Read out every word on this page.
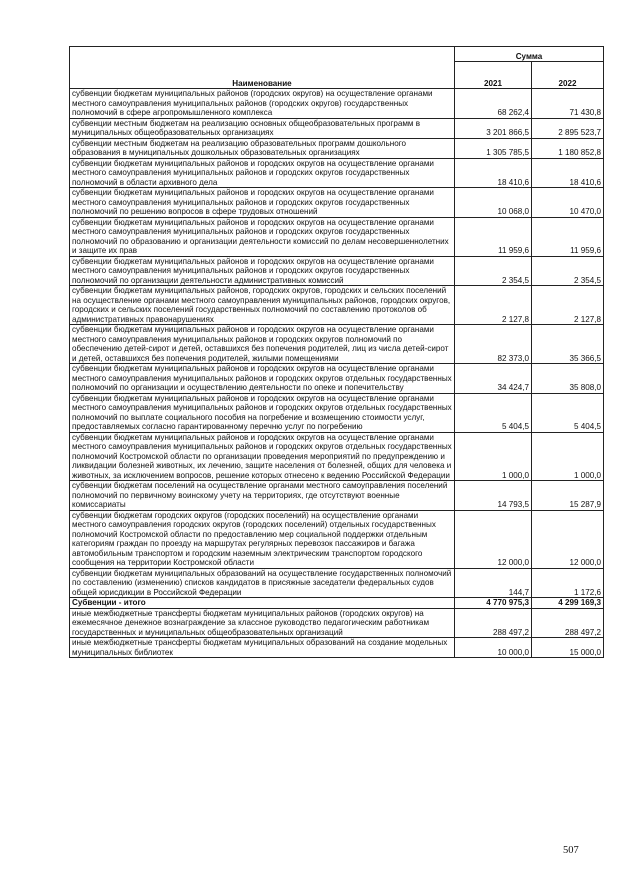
Наименование	Сумма	
	2021	2022
субвенции бюджетам муниципальных районов (городских округов) на осуществление органами местного самоуправления муниципальных районов (городских округов) государственных полномочий в сфере агропромышленного комплекса	68 262,4	71 430,8
субвенции местным бюджетам на реализацию основных общеобразовательных программ в муниципальных общеобразовательных организациях	3 201 866,5	2 895 523,7
субвенции местным бюджетам на реализацию образовательных программ дошкольного образования в муниципальных дошкольных образовательных организациях	1 305 785,5	1 180 852,8
субвенции бюджетам муниципальных районов и городских округов на осуществление органами местного самоуправления муниципальных районов и городских округов государственных полномочий в области архивного дела	18 410,6	18 410,6
субвенции бюджетам муниципальных районов и городских округов на осуществление органами местного самоуправления муниципальных районов и городских округов государственных полномочий по решению вопросов в сфере трудовых отношений	10 068,0	10 470,0
субвенции бюджетам муниципальных районов и городских округов на осуществление органами местного самоуправления муниципальных районов и городских округов государственных полномочий по образованию и организации деятельности комиссий по делам несовершеннолетних и защите их прав	11 959,6	11 959,6
субвенции бюджетам муниципальных районов и городских округов на осуществление органами местного самоуправления муниципальных районов и городских округов государственных полномочий по организации деятельности административных комиссий	2 354,5	2 354,5
субвенции бюджетам муниципальных районов, городских округов, городских и сельских поселений на осуществление органами местного самоуправления муниципальных районов, городских округов, городских и сельских поселений государственных полномочий по составлению протоколов об административных правонарушениях	2 127,8	2 127,8
субвенции бюджетам муниципальных районов и городских округов на осуществление органами местного самоуправления муниципальных районов и городских округов полномочий по обеспечению детей-сирот и детей, оставшихся без попечения родителей, лиц из числа детей-сирот и детей, оставшихся без попечения родителей, жилыми помещениями	82 373,0	35 366,5
субвенции бюджетам муниципальных районов и городских округов на осуществление органами местного самоуправления муниципальных районов и городских округов отдельных государственных полномочий по организации и осуществлению деятельности по опеке и попечительству	34 424,7	35 808,0
субвенции бюджетам муниципальных районов и городских округов на осуществление органами местного самоуправления муниципальных районов и городских округов отдельных государственных полномочий по выплате социального пособия на погребение и возмещению стоимости услуг, предоставляемых согласно гарантированному перечню услуг по погребению	5 404,5	5 404,5
субвенции бюджетам муниципальных районов и городских округов на осуществление органами местного самоуправления муниципальных районов и городских округов отдельных государственных полномочий Костромской области по организации проведения мероприятий по предупреждению и ликвидации болезней животных, их лечению, защите населения от болезней, общих для человека и животных, за исключением вопросов, решение которых отнесено к ведению Российской Федерации	1 000,0	1 000,0
субвенции бюджетам поселений на осуществление органами местного самоуправления поселений полномочий по первичному воинскому учету на территориях, где отсутствуют военные комиссариаты	14 793,5	15 287,9
субвенции бюджетам городских округов (городских поселений) на осуществление органами местного самоуправления городских округов (городских поселений) отдельных государственных полномочий Костромской области по предоставлению мер социальной поддержки отдельным категориям граждан по проезду на маршрутах регулярных перевозок пассажиров и багажа автомобильным транспортом и городским наземным электрическим транспортом городского сообщения на территории Костромской области	12 000,0	12 000,0
субвенции бюджетам муниципальных образований на осуществление государственных полномочий по составлению (изменению) списков кандидатов в присяжные заседатели федеральных судов общей юрисдикции в Российской Федерации	144,7	1 172,6
Субвенции - итого	4 770 975,3	4 299 169,3
иные межбюджетные трансферты бюджетам муниципальных районов (городских округов) на ежемесячное денежное вознаграждение за классное руководство педагогическим работникам государственных и муниципальных общеобразовательных организаций	288 497,2	288 497,2
иные межбюджетные трансферты бюджетам муниципальных образований на создание модельных муниципальных библиотек	10 000,0	15 000,0
507
